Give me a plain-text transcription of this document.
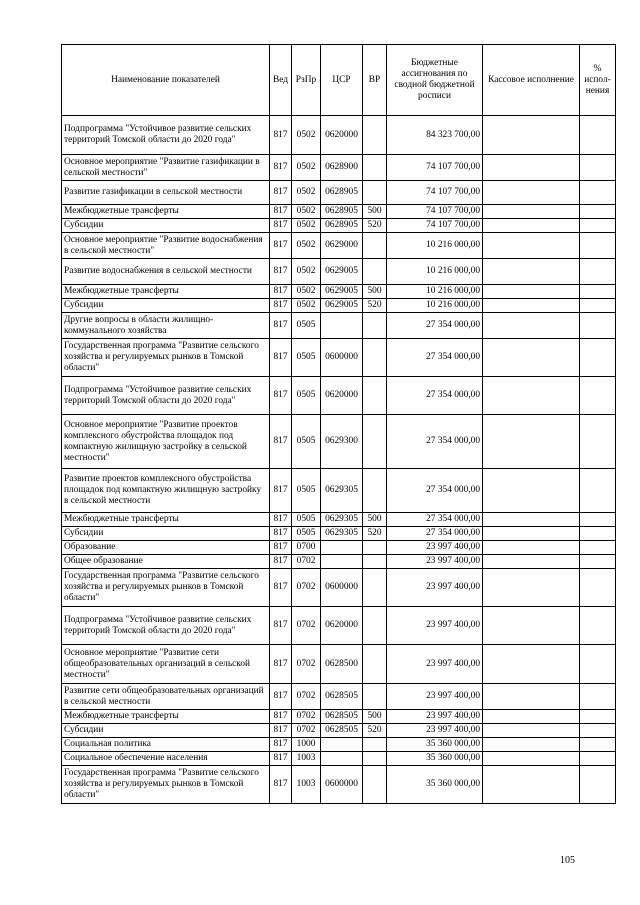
Наименование показателей	Вед	РзПр	ЦСР	ВР	Бюджетные ассигнования по сводной бюджетной росписи	Кассовое исполнение	% испол-нения
Подпрограмма "Устойчивое развитие сельских территорий Томской области до 2020 года"	817	0502	0620000		84 323 700,00		
Основное мероприятие "Развитие газификации в сельской местности"	817	0502	0628900		74 107 700,00		
Развитие газификации в сельской местности	817	0502	0628905		74 107 700,00		
Межбюджетные трансферты	817	0502	0628905	500	74 107 700,00		
Субсидии	817	0502	0628905	520	74 107 700,00		
Основное мероприятие "Развитие водоснабжения в сельской местности"	817	0502	0629000		10 216 000,00		
Развитие водоснабжения в сельской местности	817	0502	0629005		10 216 000,00		
Межбюджетные трансферты	817	0502	0629005	500	10 216 000,00		
Субсидии	817	0502	0629005	520	10 216 000,00		
Другие вопросы в области жилищно-коммунального хозяйства	817	0505			27 354 000,00		
Государственная программа "Развитие сельского хозяйства и регулируемых рынков в Томской области"	817	0505	0600000		27 354 000,00		
Подпрограмма "Устойчивое развитие сельских территорий Томской области до 2020 года"	817	0505	0620000		27 354 000,00		
Основное мероприятие "Развитие проектов комплексного обустройства площадок под компактную жилищную застройку в сельской местности"	817	0505	0629300		27 354 000,00		
Развитие проектов комплексного обустройства площадок под компактную жилищную застройку в сельской местности	817	0505	0629305		27 354 000,00		
Межбюджетные трансферты	817	0505	0629305	500	27 354 000,00		
Субсидии	817	0505	0629305	520	27 354 000,00		
Образование	817	0700			23 997 400,00		
Общее образование	817	0702			23 997 400,00		
Государственная программа "Развитие сельского хозяйства и регулируемых рынков в Томской области"	817	0702	0600000		23 997 400,00		
Подпрограмма "Устойчивое развитие сельских территорий Томской области до 2020 года"	817	0702	0620000		23 997 400,00		
Основное мероприятие "Развитие сети общеобразовательных организаций в сельской местности"	817	0702	0628500		23 997 400,00		
Развитие сети общеобразовательных организаций в сельской местности	817	0702	0628505		23 997 400,00		
Межбюджетные трансферты	817	0702	0628505	500	23 997 400,00		
Субсидии	817	0702	0628505	520	23 997 400,00		
Социальная политика	817	1000			35 360 000,00		
Социальное обеспечение населения	817	1003			35 360 000,00		
Государственная программа "Развитие сельского хозяйства и регулируемых рынков в Томской области"	817	1003	0600000		35 360 000,00		
105
